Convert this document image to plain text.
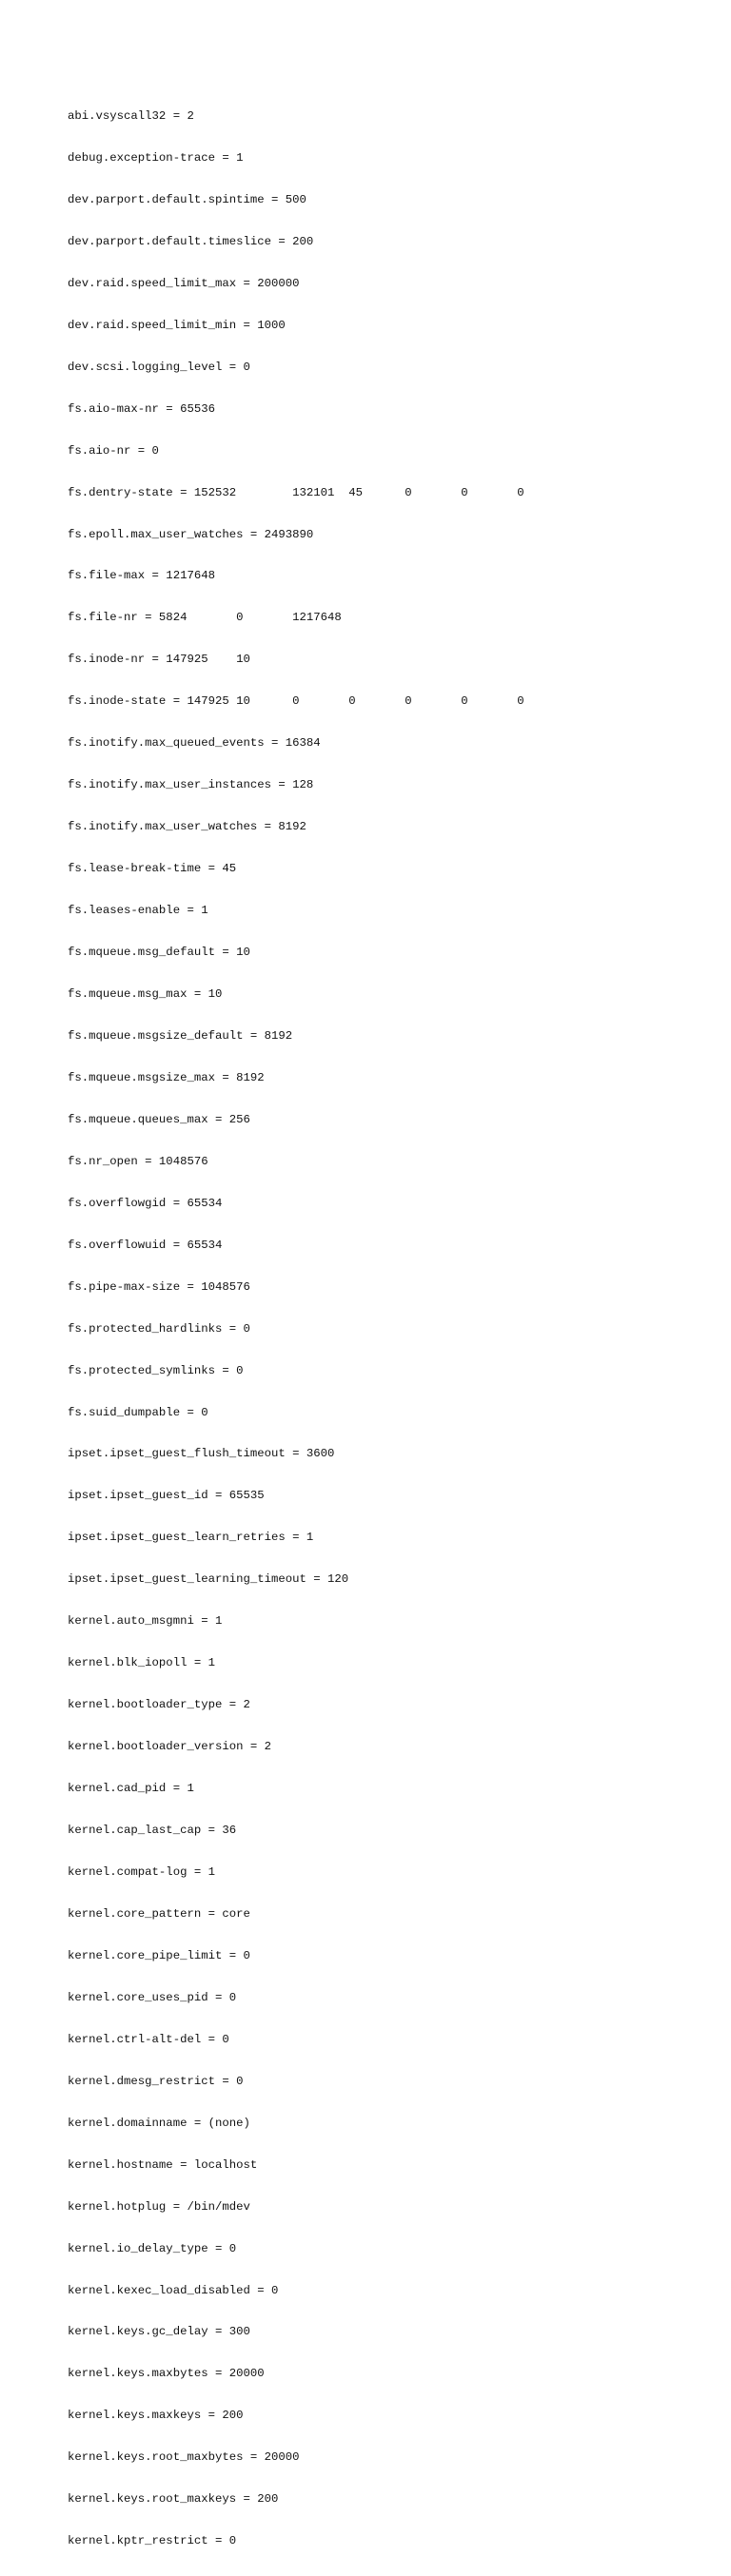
abi.vsyscall32 = 2

debug.exception-trace = 1

dev.parport.default.spintime = 500

dev.parport.default.timeslice = 200

dev.raid.speed_limit_max = 200000

dev.raid.speed_limit_min = 1000

dev.scsi.logging_level = 0

fs.aio-max-nr = 65536

fs.aio-nr = 0

fs.dentry-state = 152532	132101	45	0	0	0

fs.epoll.max_user_watches = 2493890

fs.file-max = 1217648

fs.file-nr = 5824	0	1217648

fs.inode-nr = 147925	10

fs.inode-state = 147925	10	0	0	0	0	0

fs.inotify.max_queued_events = 16384

fs.inotify.max_user_instances = 128

fs.inotify.max_user_watches = 8192

fs.lease-break-time = 45

fs.leases-enable = 1

fs.mqueue.msg_default = 10

fs.mqueue.msg_max = 10

fs.mqueue.msgsize_default = 8192

fs.mqueue.msgsize_max = 8192

fs.mqueue.queues_max = 256

fs.nr_open = 1048576

fs.overflowgid = 65534

fs.overflowuid = 65534

fs.pipe-max-size = 1048576

fs.protected_hardlinks = 0

fs.protected_symlinks = 0

fs.suid_dumpable = 0

ipset.ipset_guest_flush_timeout = 3600

ipset.ipset_guest_id = 65535

ipset.ipset_guest_learn_retries = 1

ipset.ipset_guest_learning_timeout = 120

kernel.auto_msgmni = 1

kernel.blk_iopoll = 1

kernel.bootloader_type = 2

kernel.bootloader_version = 2

kernel.cad_pid = 1

kernel.cap_last_cap = 36

kernel.compat-log = 1

kernel.core_pattern = core

kernel.core_pipe_limit = 0

kernel.core_uses_pid = 0

kernel.ctrl-alt-del = 0

kernel.dmesg_restrict = 0

kernel.domainname = (none)

kernel.hostname = localhost

kernel.hotplug = /bin/mdev

kernel.io_delay_type = 0

kernel.kexec_load_disabled = 0

kernel.keys.gc_delay = 300

kernel.keys.maxbytes = 20000

kernel.keys.maxkeys = 200

kernel.keys.root_maxbytes = 20000

kernel.keys.root_maxkeys = 200

kernel.kptr_restrict = 0
